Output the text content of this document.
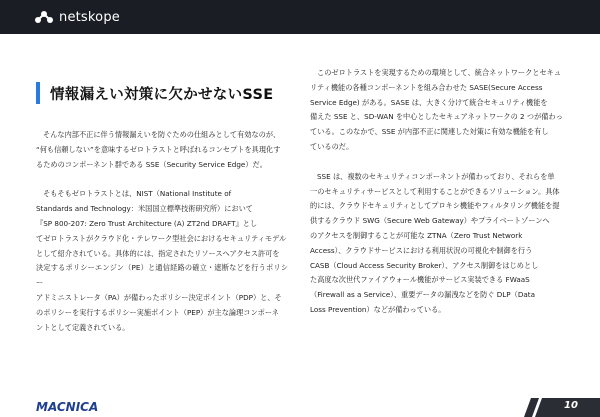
netskope
情報漏えい対策に欠かせないSSE

そんな内部不正に伴う情報漏えいを防ぐための仕組みとして有効なのが、
“何も信頼しない”を意味するゼロトラストと呼ばれるコンセプトを具現化す
るためのコンポーネント群である SSE（Security Service Edge）だ。

そもそもゼロトラストとは、NIST（National Institute of
Standards and Technology：米国国立標準技術研究所）において
『SP 800-207: Zero Trust Architecture (A) ZT2nd DRAFT』とし
てゼロトラストがクラウド化・テレワーク型社会におけるセキュリティモデル
として紹介されている。具体的には、指定されたリソースへアクセス許可を
決定するポリシーエンジン（PE）と通信経路の確立・遮断などを行うポリシー
アドミニストレータ（PA）が備わったポリシー決定ポイント（PDP）と、そ
のポリシーを実行するポリシー実施ポイント（PEP）が主な論理コンポーネ
ントとして定義されている。

このゼロトラストを実現するための環境として、統合ネットワークとセキュ
リティ機能の各種コンポーネントを組み合わせた SASE(Secure Access
Service Edge) がある。SASE は、大きく分けて統合セキュリティ機能を
備えた SSE と、SD-WAN を中心としたセキュアネットワークの 2 つが備わっ
ている。このなかで、SSE が内部不正に関連した対策に有効な機能を有し
ているのだ。

SSE は、複数のセキュリティコンポーネントが備わっており、それらを単
一のセキュリティサービスとして利用することができるソリューション。具体
的には、クラウドセキュリティとしてプロキシ機能やフィルタリング機能を提
供するクラウド SWG（Secure Web Gateway）やプライベートゾーンへ
のアクセスを制御することが可能な ZTNA（Zero Trust Network
Access）、クラウドサービスにおける利用状況の可視化や制御を行う
CASB（Cloud Access Security Broker）、アクセス制御をはじめとし
た高度な次世代ファイアウォール機能がサービス実装できる FWaaS
（Firewall as a Service）、重要データの漏洩などを防ぐ DLP（Data
Loss Prevention）などが備わっている。

MACNICA	10
